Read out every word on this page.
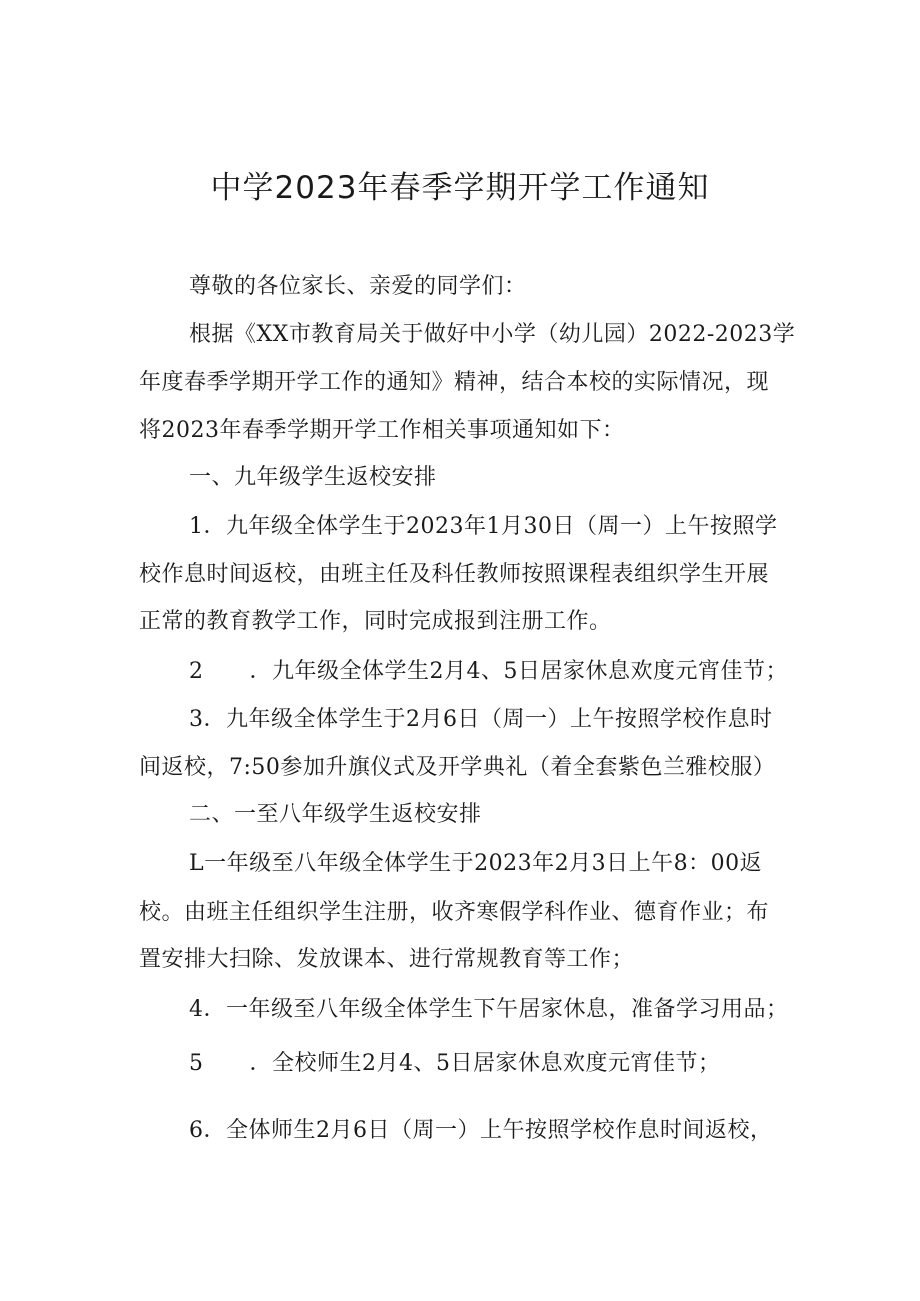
中学2023年春季学期开学工作通知
尊敬的各位家长、亲爱的同学们：
根据《XX市教育局关于做好中小学（幼儿园）2022-2023学
年度春季学期开学工作的通知》精神，结合本校的实际情况，现
将2023年春季学期开学工作相关事项通知如下：
一、九年级学生返校安排
1．九年级全体学生于2023年1月30日（周一）上午按照学
校作息时间返校，由班主任及科任教师按照课程表组织学生开展
正常的教育教学工作，同时完成报到注册工作。
2 ．九年级全体学生2月4、5日居家休息欢度元宵佳节；
3．九年级全体学生于2月6日（周一）上午按照学校作息时
间返校，7:50参加升旗仪式及开学典礼（着全套紫色兰雅校服）
二、一至八年级学生返校安排
L一年级至八年级全体学生于2023年2月3日上午8：00返
校。由班主任组织学生注册，收齐寒假学科作业、德育作业；布
置安排大扫除、发放课本、进行常规教育等工作；
4．一年级至八年级全体学生下午居家休息，准备学习用品；
5 ．全校师生2月4、5日居家休息欢度元宵佳节；
6．全体师生2月6日（周一）上午按照学校作息时间返校，
